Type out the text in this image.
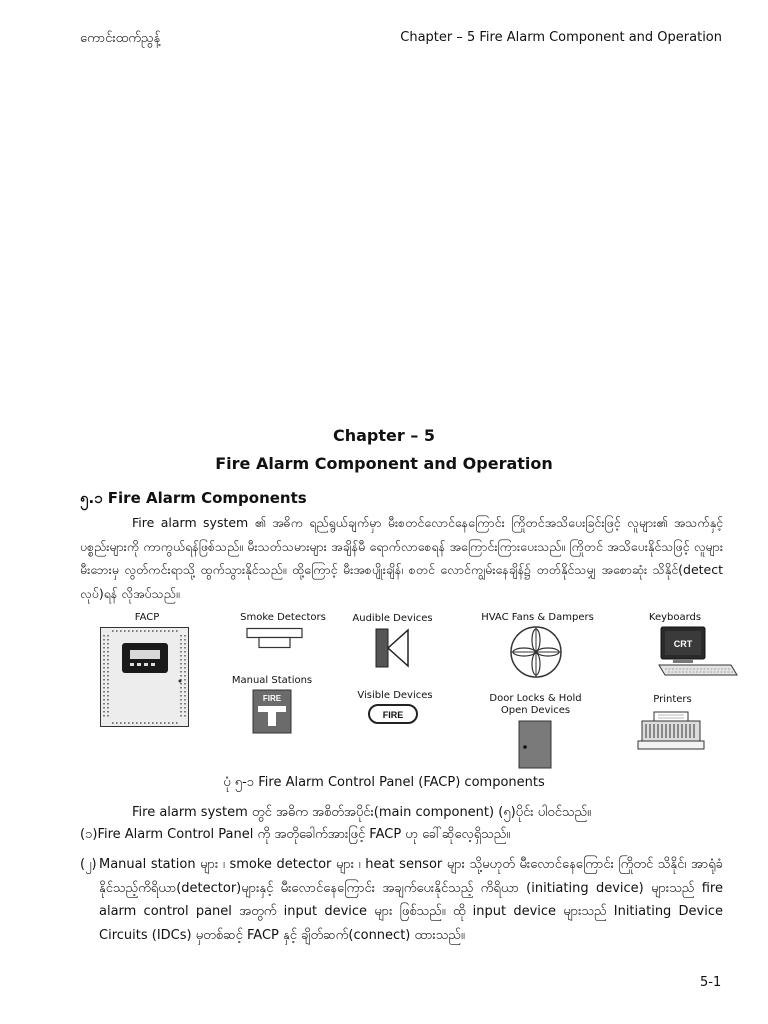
ကောင်းထက်ညွန့်	Chapter – 5 Fire Alarm Component and Operation
Chapter – 5
Fire Alarm Component and Operation
၅.၁ Fire Alarm Components
Fire alarm system ၏ အဓိက ရည်ရွယ်ချက်မှာ မီးစတင်လောင်နေကြောင်း ကြိုတင်အသိပေးခြင်းဖြင့် လူများ၏ အသက်နှင့် ပစ္စည်းများကို ကာကွယ်ရန်ဖြစ်သည်။ မီးသတ်သမားများ အချိန်မီ ရောက်လာစေရန် အကြောင်းကြားပေးသည်။ ကြိုတင် အသိပေးနိုင်သဖြင့် လူများ မီးဘေးမှ လွတ်ကင်းရာသို့ ထွက်သွားနိုင်သည်။ ထို့ကြောင့် မီးအစပျိုးချိန်၊ စတင် လောင်ကျွမ်းနေချိန်၌ တတ်နိုင်သမျှ အစောဆုံး သိနိုင်(detect လုပ်)ရန် လိုအပ်သည်။
FACP	Smoke Detectors	Audible Devices	HVAC Fans & Dampers	Keyboards
Manual Stations
Visible Devices	Door Locks & Hold Open Devices
Printers
CRT
FIRE
FIRE
ပုံ ၅-၁ Fire Alarm Control Panel (FACP) components
Fire alarm system တွင် အဓိက အစိတ်အပိုင်း(main component) (၅)ပိုင်း ပါဝင်သည်။
(၁)Fire Alarm Control Panel ကို အတိုခေါက်အားဖြင့် FACP ဟု ခေါ်ဆိုလေ့ရှိသည်။
(၂) Manual station များ ၊ smoke detector များ ၊ heat sensor များ သို့မဟုတ် မီးလောင်နေကြောင်း ကြိုတင် သိနိုင်၊ အာရုံခံနိုင်သည့်ကိရိယာ(detector)များနှင့် မီးလောင်နေကြောင်း အချက်ပေးနိုင်သည့် ကိရိယာ (initiating device) များသည် fire alarm control panel အတွက် input device များ ဖြစ်သည်။ ထို input device များသည် Initiating Device Circuits (IDCs) မှတစ်ဆင့် FACP နှင့် ချိတ်ဆက်(connect) ထားသည်။
5-1
